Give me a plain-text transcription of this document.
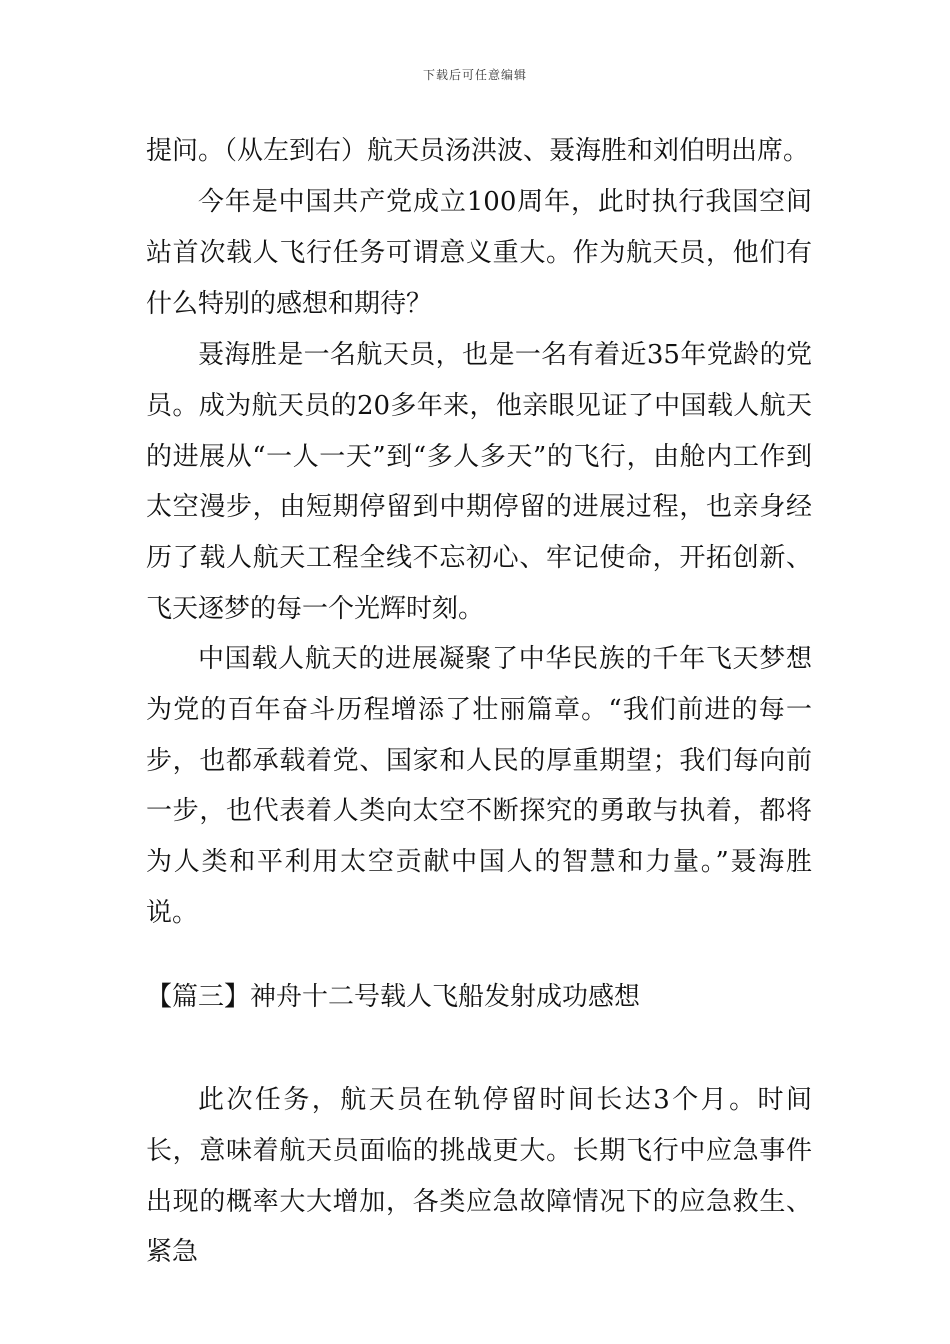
下载后可任意编辑

提问。（从左到右）航天员汤洪波、聂海胜和刘伯明出席。

今年是中国共产党成立100周年，此时执行我国空间站首次载人飞行任务可谓意义重大。作为航天员，他们有什么特别的感想和期待？

聂海胜是一名航天员，也是一名有着近35年党龄的党员。成为航天员的20多年来，他亲眼见证了中国载人航天的进展从“一人一天”到“多人多天”的飞行，由舱内工作到太空漫步，由短期停留到中期停留的进展过程，也亲身经历了载人航天工程全线不忘初心、牢记使命，开拓创新、飞天逐梦的每一个光辉时刻。

中国载人航天的进展凝聚了中华民族的千年飞天梦想为党的百年奋斗历程增添了壮丽篇章。“我们前进的每一步，也都承载着党、国家和人民的厚重期望；我们每向前一步，也代表着人类向太空不断探究的勇敢与执着，都将为人类和平利用太空贡献中国人的智慧和力量。”聂海胜说。

【篇三】神舟十二号载人飞船发射成功感想

此次任务，航天员在轨停留时间长达3个月。时间长，意味着航天员面临的挑战更大。长期飞行中应急事件出现的概率大大增加，各类应急故障情况下的应急救生、紧急
